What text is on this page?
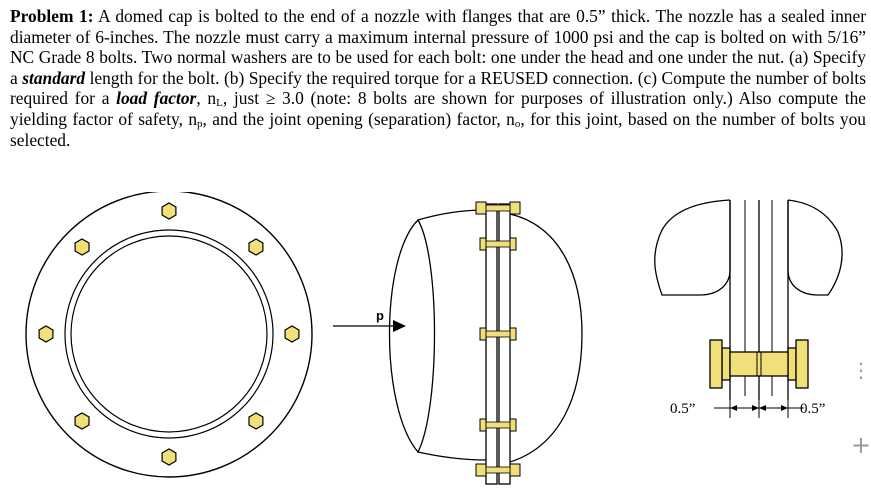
Problem 1: A domed cap is bolted to the end of a nozzle with flanges that are 0.5” thick. The nozzle has a sealed inner diameter of 6-inches. The nozzle must carry a maximum internal pressure of 1000 psi and the cap is bolted on with 5/16” NC Grade 8 bolts. Two normal washers are to be used for each bolt: one under the head and one under the nut. (a) Specify a standard length for the bolt. (b) Specify the required torque for a REUSED connection. (c) Compute the number of bolts required for a load factor, $n_L$, just ≥ 3.0 (note: 8 bolts are shown for purposes of illustration only.) Also compute the yielding factor of safety, $n_p$, and the joint opening (separation) factor, $n_o$, for this joint, based on the number of bolts you selected.
p
0.5”	0.5”
⋮
+
